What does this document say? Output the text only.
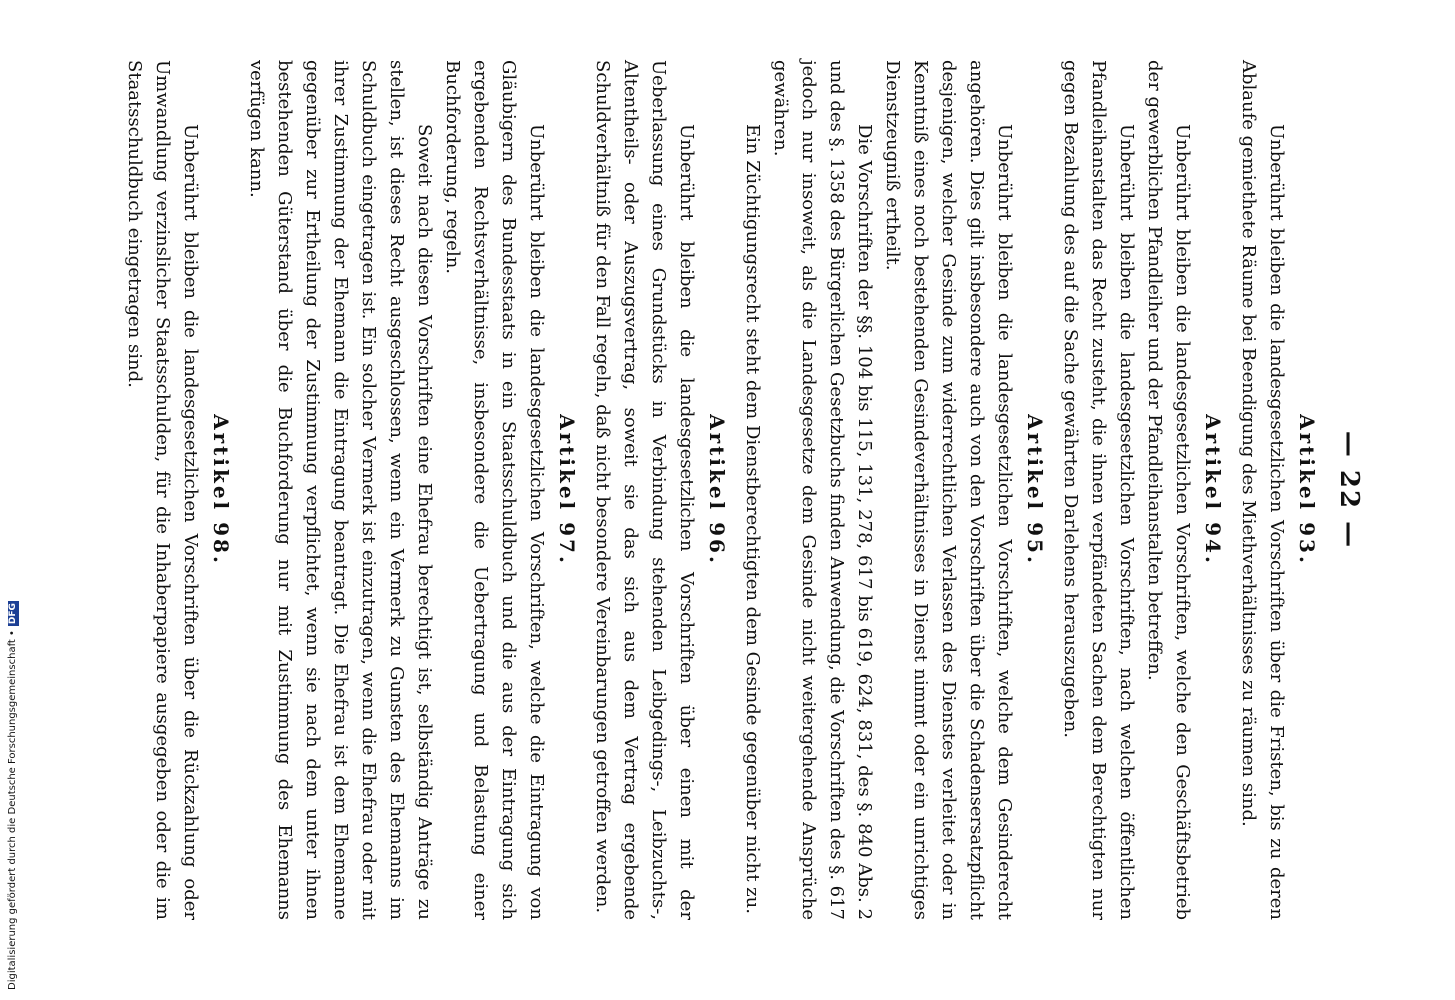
Digitalisierung gefördert durch die Deutsche Forschungsgemeinschaft •
DFG
— 22 —
Artikel 93.

Unberührt bleiben die landesgesetzlichen Vorschriften über die Fristen, bis zu deren Ablaufe gemiethete Räume bei Beendigung des Miethverhältnisses zu räumen sind.

Artikel 94.

Unberührt bleiben die landesgesetzlichen Vorschriften, welche den Geschäftsbetrieb der gewerblichen Pfandleiher und der Pfandleihanstalten betreffen.

Unberührt bleiben die landesgesetzlichen Vorschriften, nach welchen öffentlichen Pfandleihanstalten das Recht zusteht, die ihnen verpfändeten Sachen dem Berechtigten nur gegen Bezahlung des auf die Sache gewährten Darlehens herauszugeben.

Artikel 95.

Unberührt bleiben die landesgesetzlichen Vorschriften, welche dem Gesinderecht angehören. Dies gilt insbesondere auch von den Vorschriften über die Schadensersatzpflicht desjenigen, welcher Gesinde zum widerrechtlichen Verlassen des Dienstes verleitet oder in Kenntniß eines noch bestehenden Gesindeverhältnisses in Dienst nimmt oder ein unrichtiges Dienstzeugniß ertheilt.

Die Vorschriften der §§. 104 bis 115, 131, 278, 617 bis 619, 624, 831, des §. 840 Abs. 2 und des §. 1358 des Bürgerlichen Gesetzbuchs finden Anwendung, die Vorschriften des §. 617 jedoch nur insoweit, als die Landesgesetze dem Gesinde nicht weitergehende Ansprüche gewähren.

Ein Züchtigungsrecht steht dem Dienstberechtigten dem Gesinde gegenüber nicht zu.

Artikel 96.

Unberührt bleiben die landesgesetzlichen Vorschriften über einen mit der Ueberlassung eines Grundstücks in Verbindung stehenden Leibgedings-, Leibzuchts-, Altentheils- oder Auszugsvertrag, soweit sie das sich aus dem Vertrag ergebende Schuldverhältniß für den Fall regeln, daß nicht besondere Vereinbarungen getroffen werden.

Artikel 97.

Unberührt bleiben die landesgesetzlichen Vorschriften, welche die Eintragung von Gläubigern des Bundesstaats in ein Staatsschuldbuch und die aus der Eintragung sich ergebenden Rechtsverhältnisse, insbesondere die Uebertragung und Belastung einer Buchforderung, regeln.

Soweit nach diesen Vorschriften eine Ehefrau berechtigt ist, selbständig Anträge zu stellen, ist dieses Recht ausgeschlossen, wenn ein Vermerk zu Gunsten des Ehemanns im Schuldbuch eingetragen ist. Ein solcher Vermerk ist einzutragen, wenn die Ehefrau oder mit ihrer Zustimmung der Ehemann die Eintragung beantragt. Die Ehefrau ist dem Ehemanne gegenüber zur Ertheilung der Zustimmung verpflichtet, wenn sie nach dem unter ihnen bestehenden Güterstand über die Buchforderung nur mit Zustimmung des Ehemanns verfügen kann.

Artikel 98.

Unberührt bleiben die landesgesetzlichen Vorschriften über die Rückzahlung oder Umwandlung verzinslicher Staatsschulden, für die Inhaberpapiere ausgegeben oder die im Staatsschuldbuch eingetragen sind.
